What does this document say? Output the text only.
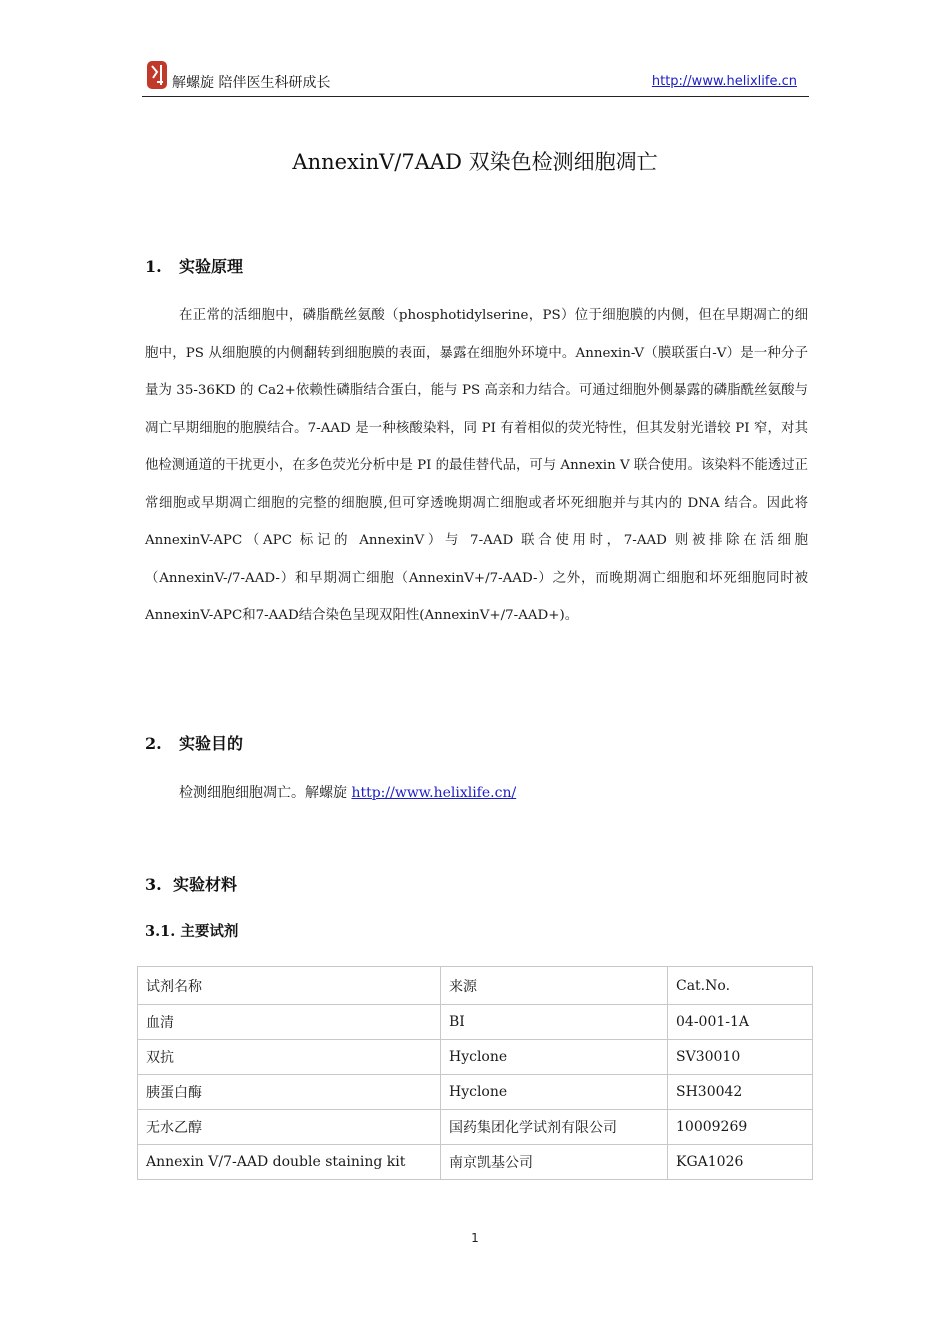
解螺旋 陪伴医生科研成长	http://www.helixlife.cn
AnnexinV/7AAD 双染色检测细胞凋亡
1. 实验原理
在正常的活细胞中，磷脂酰丝氨酸（phosphotidylserine，PS）位于细胞膜的内侧，但在早期凋亡的细胞中，PS 从细胞膜的内侧翻转到细胞膜的表面，暴露在细胞外环境中。Annexin-V（膜联蛋白-V）是一种分子量为 35-36KD 的 Ca2+依赖性磷脂结合蛋白，能与 PS 高亲和力结合。可通过细胞外侧暴露的磷脂酰丝氨酸与凋亡早期细胞的胞膜结合。7-AAD 是一种核酸染料，同 PI 有着相似的荧光特性，但其发射光谱较 PI 窄，对其他检测通道的干扰更小，在多色荧光分析中是 PI 的最佳替代品，可与 Annexin V 联合使用。该染料不能透过正常细胞或早期凋亡细胞的完整的细胞膜,但可穿透晚期凋亡细胞或者坏死细胞并与其内的 DNA 结合。因此将 AnnexinV-APC（APC 标记的 AnnexinV）与 7-AAD 联合使用时，7-AAD 则被排除在活细胞（AnnexinV-/7-AAD-）和早期凋亡细胞（AnnexinV+/7-AAD-）之外，而晚期凋亡细胞和坏死细胞同时被AnnexinV-APC和7-AAD结合染色呈现双阳性(AnnexinV+/7-AAD+)。
2. 实验目的
检测细胞细胞凋亡。解螺旋 http://www.helixlife.cn/
3. 实验材料
3.1. 主要试剂
试剂名称	来源	Cat.No.
血清	BI	04-001-1A
双抗	Hyclone	SV30010
胰蛋白酶	Hyclone	SH30042
无水乙醇	国药集团化学试剂有限公司	10009269
Annexin V/7-AAD double staining kit	南京凯基公司	KGA1026
1
